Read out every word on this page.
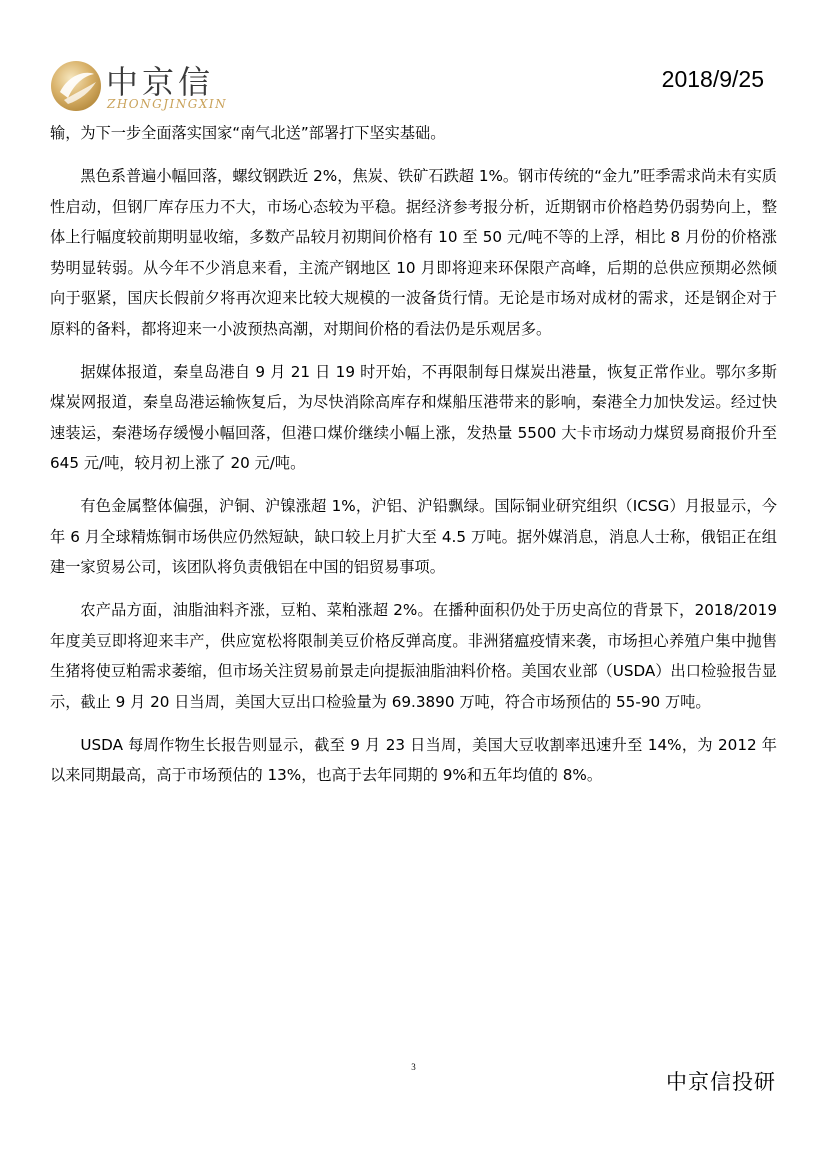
中京信
ZHONGJINGXIN
2018/9/25

输，为下一步全面落实国家“南气北送”部署打下坚实基础。

黑色系普遍小幅回落，螺纹钢跌近 2%，焦炭、铁矿石跌超 1%。钢市传统的“金九”旺季需求尚未有实质性启动，但钢厂库存压力不大，市场心态较为平稳。据经济参考报分析，近期钢市价格趋势仍弱势向上，整体上行幅度较前期明显收缩，多数产品较月初期间价格有 10 至 50 元/吨不等的上浮，相比 8 月份的价格涨势明显转弱。从今年不少消息来看，主流产钢地区 10 月即将迎来环保限产高峰，后期的总供应预期必然倾向于驱紧，国庆长假前夕将再次迎来比较大规模的一波备货行情。无论是市场对成材的需求，还是钢企对于原料的备料，都将迎来一小波预热高潮，对期间价格的看法仍是乐观居多。

据媒体报道，秦皇岛港自 9 月 21 日 19 时开始，不再限制每日煤炭出港量，恢复正常作业。鄂尔多斯煤炭网报道，秦皇岛港运输恢复后，为尽快消除高库存和煤船压港带来的影响，秦港全力加快发运。经过快速装运，秦港场存缓慢小幅回落，但港口煤价继续小幅上涨，发热量 5500 大卡市场动力煤贸易商报价升至 645 元/吨，较月初上涨了 20 元/吨。

有色金属整体偏强，沪铜、沪镍涨超 1%，沪铝、沪铅飘绿。国际铜业研究组织（ICSG）月报显示，今年 6 月全球精炼铜市场供应仍然短缺，缺口较上月扩大至 4.5 万吨。据外媒消息，消息人士称，俄铝正在组建一家贸易公司，该团队将负责俄铝在中国的铝贸易事项。

农产品方面，油脂油料齐涨，豆粕、菜粕涨超 2%。在播种面积仍处于历史高位的背景下，2018/2019 年度美豆即将迎来丰产，供应宽松将限制美豆价格反弹高度。非洲猪瘟疫情来袭，市场担心养殖户集中抛售生猪将使豆粕需求萎缩，但市场关注贸易前景走向提振油脂油料价格。美国农业部（USDA）出口检验报告显示，截止 9 月 20 日当周，美国大豆出口检验量为 69.3890 万吨，符合市场预估的 55-90 万吨。

USDA 每周作物生长报告则显示，截至 9 月 23 日当周，美国大豆收割率迅速升至 14%，为 2012 年以来同期最高，高于市场预估的 13%，也高于去年同期的 9%和五年均值的 8%。

3
中京信投研
